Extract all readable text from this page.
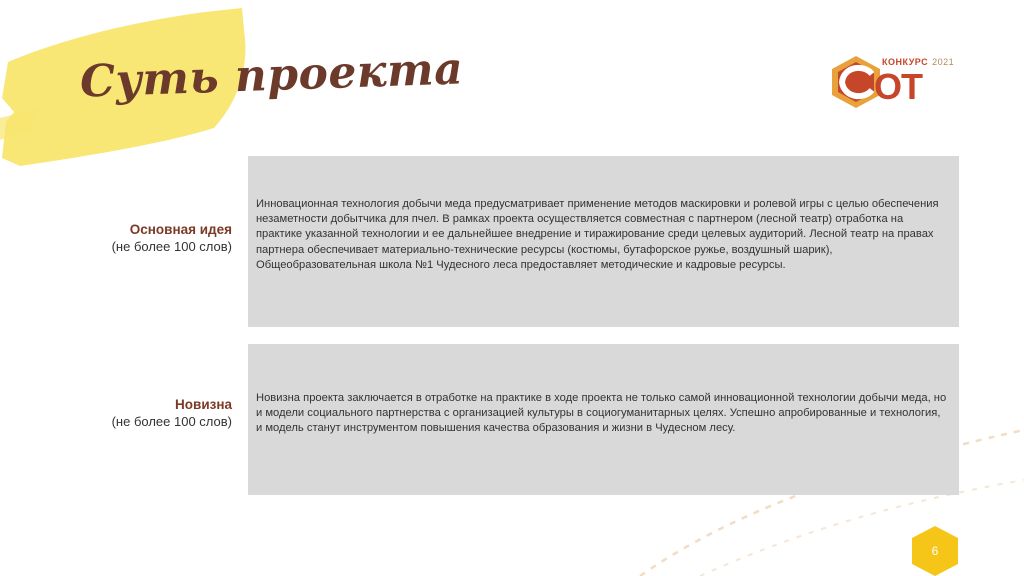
Суть проекта	КОНКУРС 2021
ОТ
Основная идея
(не более 100 слов)

Инновационная технология добычи меда предусматривает применение методов маскировки и ролевой игры с целью обеспечения незаметности добытчика для пчел. В рамках проекта осуществляется совместная с партнером (лесной театр) отработка на практике указанной технологии и ее дальнейшее внедрение и тиражирование среди целевых аудиторий. Лесной театр на правах партнера обеспечивает материально-технические ресурсы (костюмы, бутафорское ружье, воздушный шарик), Общеобразовательная школа №1 Чудесного леса предоставляет методические и кадровые ресурсы.

Новизна
(не более 100 слов)

Новизна проекта заключается в отработке на практике в ходе проекта не только самой инновационной технологии добычи меда, но и модели социального партнерства с организацией культуры в социогуманитарных целях. Успешно апробированные и технология, и модель станут инструментом повышения качества образования и жизни в Чудесном лесу.

6
